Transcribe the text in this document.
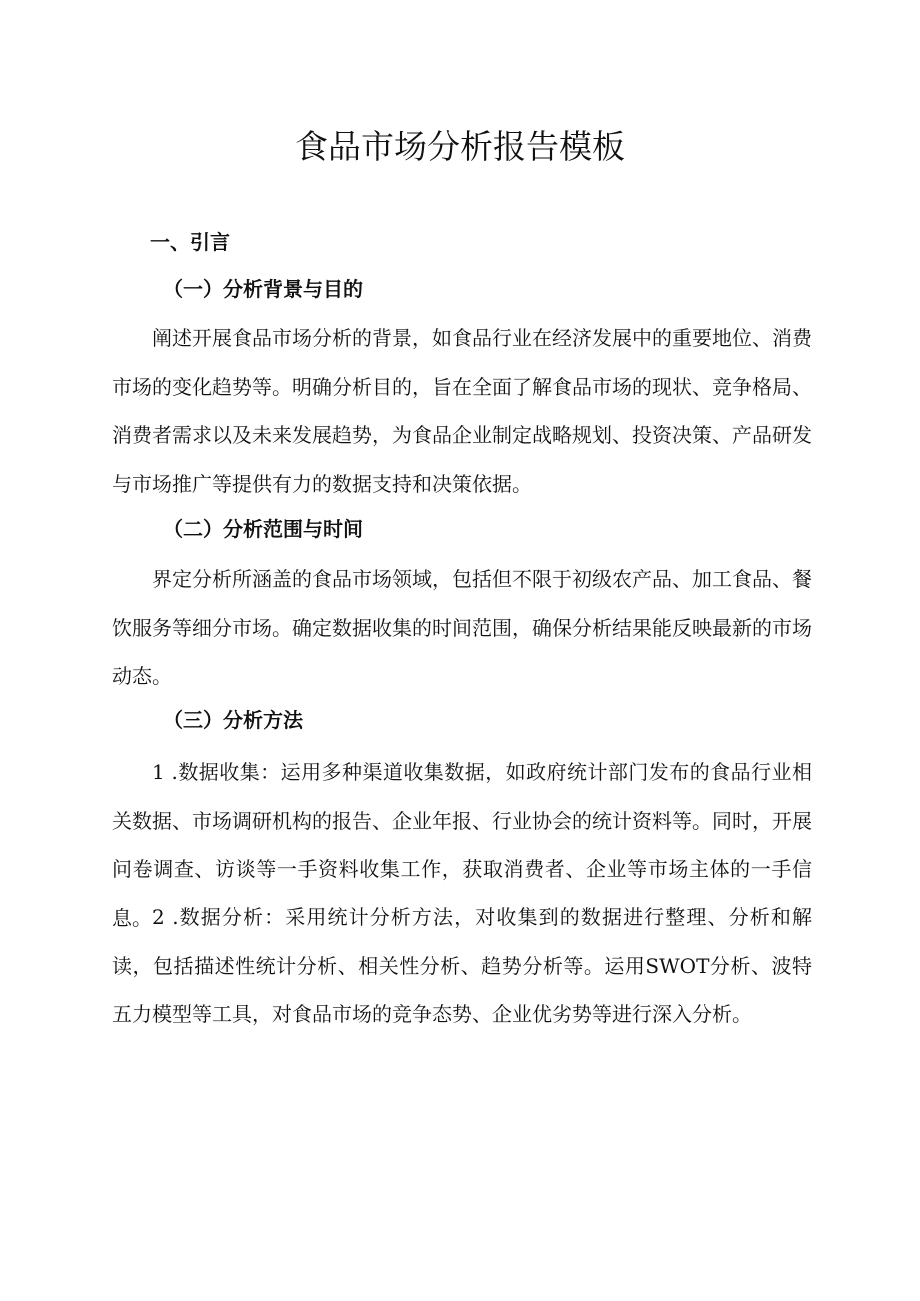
食品市场分析报告模板
一、引言
（一）分析背景与目的

阐述开展食品市场分析的背景，如食品行业在经济发展中的重要地位、消费市场的变化趋势等。明确分析目的，旨在全面了解食品市场的现状、竞争格局、消费者需求以及未来发展趋势，为食品企业制定战略规划、投资决策、产品研发与市场推广等提供有力的数据支持和决策依据。

（二）分析范围与时间

界定分析所涵盖的食品市场领域，包括但不限于初级农产品、加工食品、餐饮服务等细分市场。确定数据收集的时间范围，确保分析结果能反映最新的市场动态。

（三）分析方法

1 .数据收集：运用多种渠道收集数据，如政府统计部门发布的食品行业相关数据、市场调研机构的报告、企业年报、行业协会的统计资料等。同时，开展问卷调查、访谈等一手资料收集工作，获取消费者、企业等市场主体的一手信息。 2 .数据分析：采用统计分析方法，对收集到的数据进行整理、分析和解读，包括描述性统计分析、相关性分析、趋势分析等。运用SWOT分析、波特五力模型等工具，对食品市场的竞争态势、企业优劣势等进行深入分析。
